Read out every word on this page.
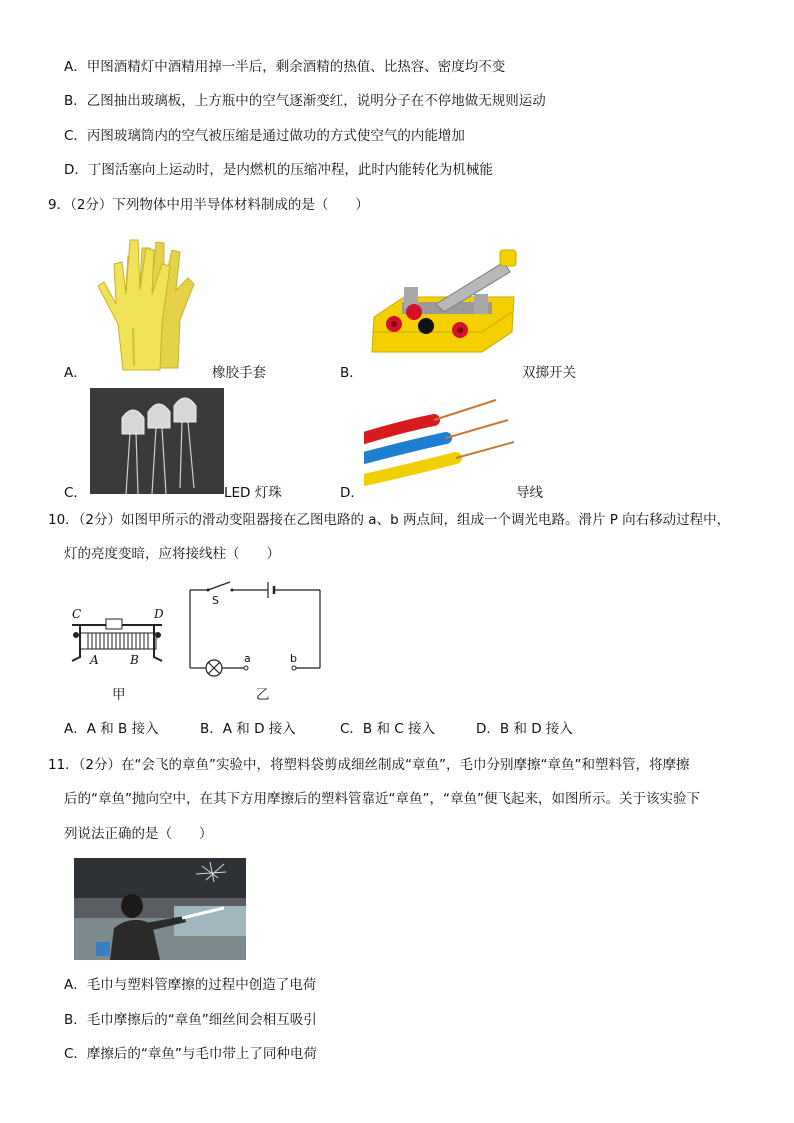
A．甲图酒精灯中酒精用掉一半后，剩余酒精的热值、比热容、密度均不变
B．乙图抽出玻璃板，上方瓶中的空气逐渐变红，说明分子在不停地做无规则运动
C．丙图玻璃筒内的空气被压缩是通过做功的方式使空气的内能增加
D．丁图活塞向上运动时，是内燃机的压缩冲程，此时内能转化为机械能
9．（2分）下列物体中用半导体材料制成的是（　　）
A．	橡胶手套	B．	双掷开关
C．	LED 灯珠	D．	导线
10．（2分）如图甲所示的滑动变阻器接在乙图电路的 a、b 两点间，组成一个调光电路。滑片 P 向右移动过程中，
灯的亮度变暗，应将接线柱（　　）
C	D
A	B
甲
S
a	b
乙
A．A 和 B 接入	B．A 和 D 接入	C．B 和 C 接入	D．B 和 D 接入
11．（2分）在“会飞的章鱼”实验中，将塑料袋剪成细丝制成“章鱼”，毛巾分别摩擦“章鱼”和塑料管，将摩擦
后的“章鱼”抛向空中，在其下方用摩擦后的塑料管靠近“章鱼”，“章鱼”便飞起来，如图所示。关于该实验下
列说法正确的是（　　）
A．毛巾与塑料管摩擦的过程中创造了电荷
B．毛巾摩擦后的“章鱼”细丝间会相互吸引
C．摩擦后的“章鱼”与毛巾带上了同种电荷
